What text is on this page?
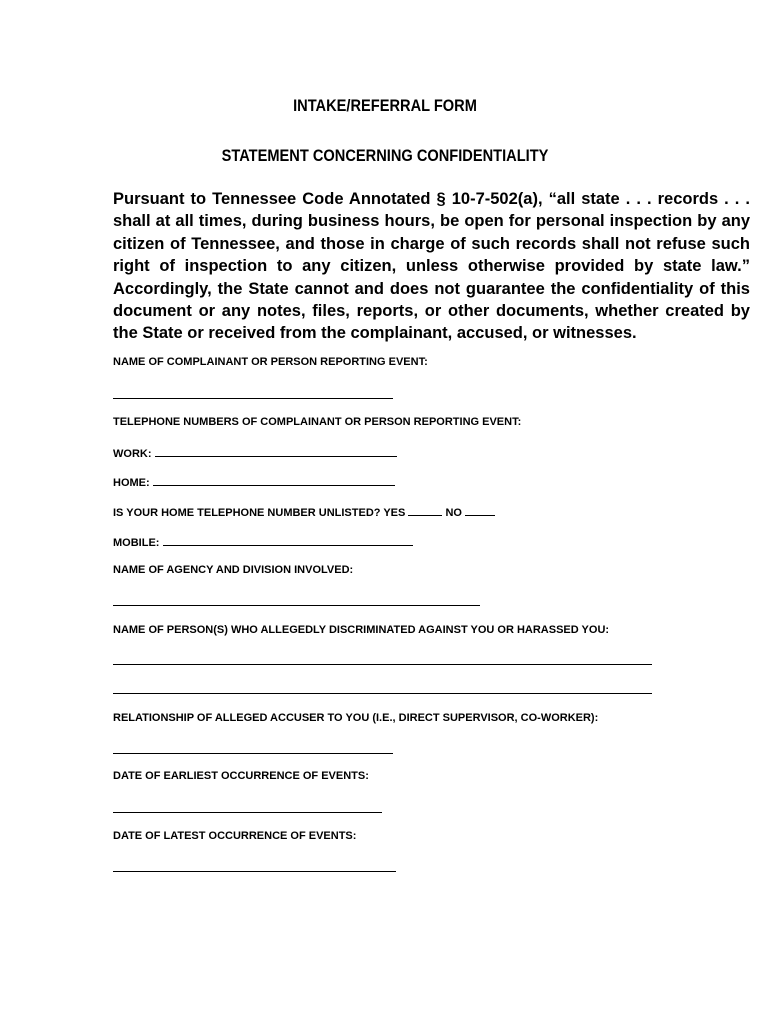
INTAKE/REFERRAL FORM
STATEMENT CONCERNING CONFIDENTIALITY

Pursuant to Tennessee Code Annotated § 10-7-502(a), “all state . . . records . . . shall at all times, during business hours, be open for personal inspection by any citizen of Tennessee, and those in charge of such records shall not refuse such right of inspection to any citizen, unless otherwise provided by state law.” Accordingly, the State cannot and does not guarantee the confidentiality of this document or any notes, files, reports, or other documents, whether created by the State or received from the complainant, accused, or witnesses.

NAME OF COMPLAINANT OR PERSON REPORTING EVENT:
TELEPHONE NUMBERS OF COMPLAINANT OR PERSON REPORTING EVENT:
WORK:
HOME:
IS YOUR HOME TELEPHONE NUMBER UNLISTED? YES	NO
MOBILE:
NAME OF AGENCY AND DIVISION INVOLVED:
NAME OF PERSON(S) WHO ALLEGEDLY DISCRIMINATED AGAINST YOU OR HARASSED YOU:
RELATIONSHIP OF ALLEGED ACCUSER TO YOU (I.E., DIRECT SUPERVISOR, CO-WORKER):
DATE OF EARLIEST OCCURRENCE OF EVENTS:
DATE OF LATEST OCCURRENCE OF EVENTS:
